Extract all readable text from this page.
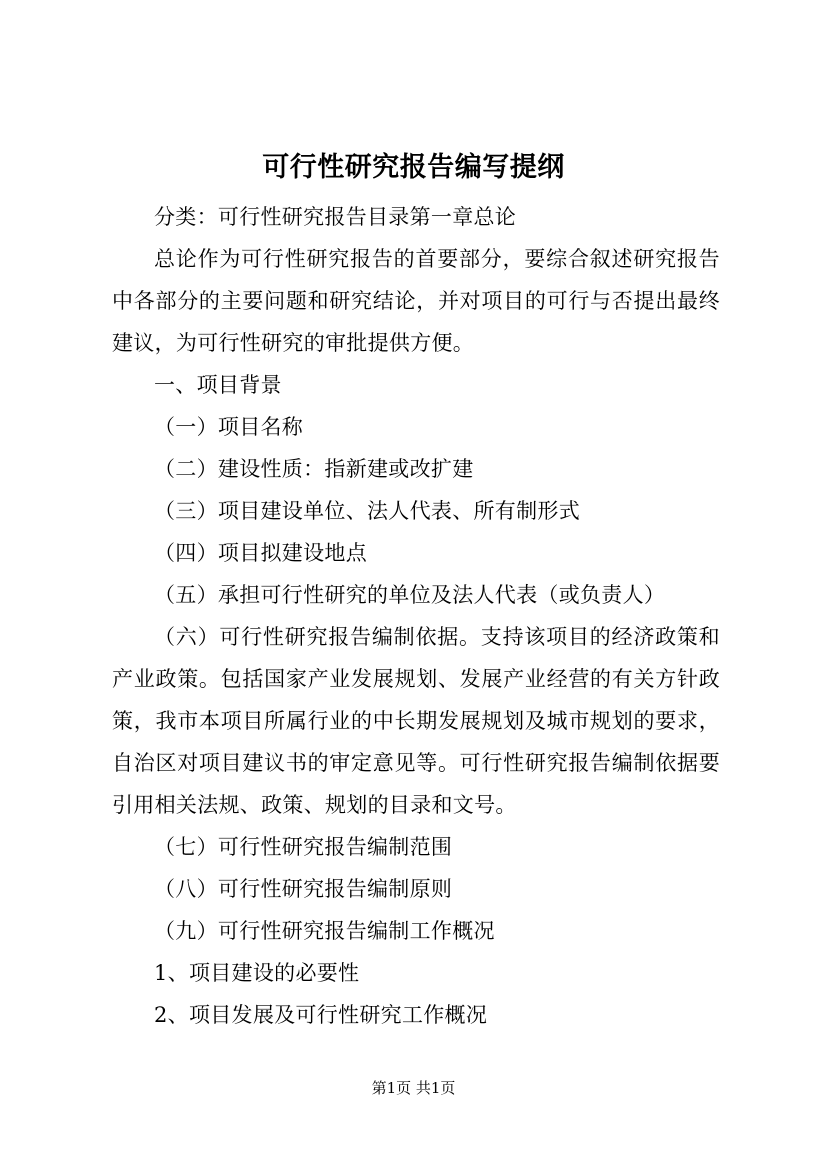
可行性研究报告编写提纲

分类：可行性研究报告目录第一章总论

总论作为可行性研究报告的首要部分，要综合叙述研究报告中各部分的主要问题和研究结论，并对项目的可行与否提出最终建议，为可行性研究的审批提供方便。

一、项目背景

（一）项目名称

（二）建设性质：指新建或改扩建

（三）项目建设单位、法人代表、所有制形式

（四）项目拟建设地点

（五）承担可行性研究的单位及法人代表（或负责人）

（六）可行性研究报告编制依据。支持该项目的经济政策和产业政策。包括国家产业发展规划、发展产业经营的有关方针政策，我市本项目所属行业的中长期发展规划及城市规划的要求，自治区对项目建议书的审定意见等。可行性研究报告编制依据要引用相关法规、政策、规划的目录和文号。

（七）可行性研究报告编制范围

（八）可行性研究报告编制原则

（九）可行性研究报告编制工作概况

1、项目建设的必要性

2、项目发展及可行性研究工作概况

第1页 共1页
